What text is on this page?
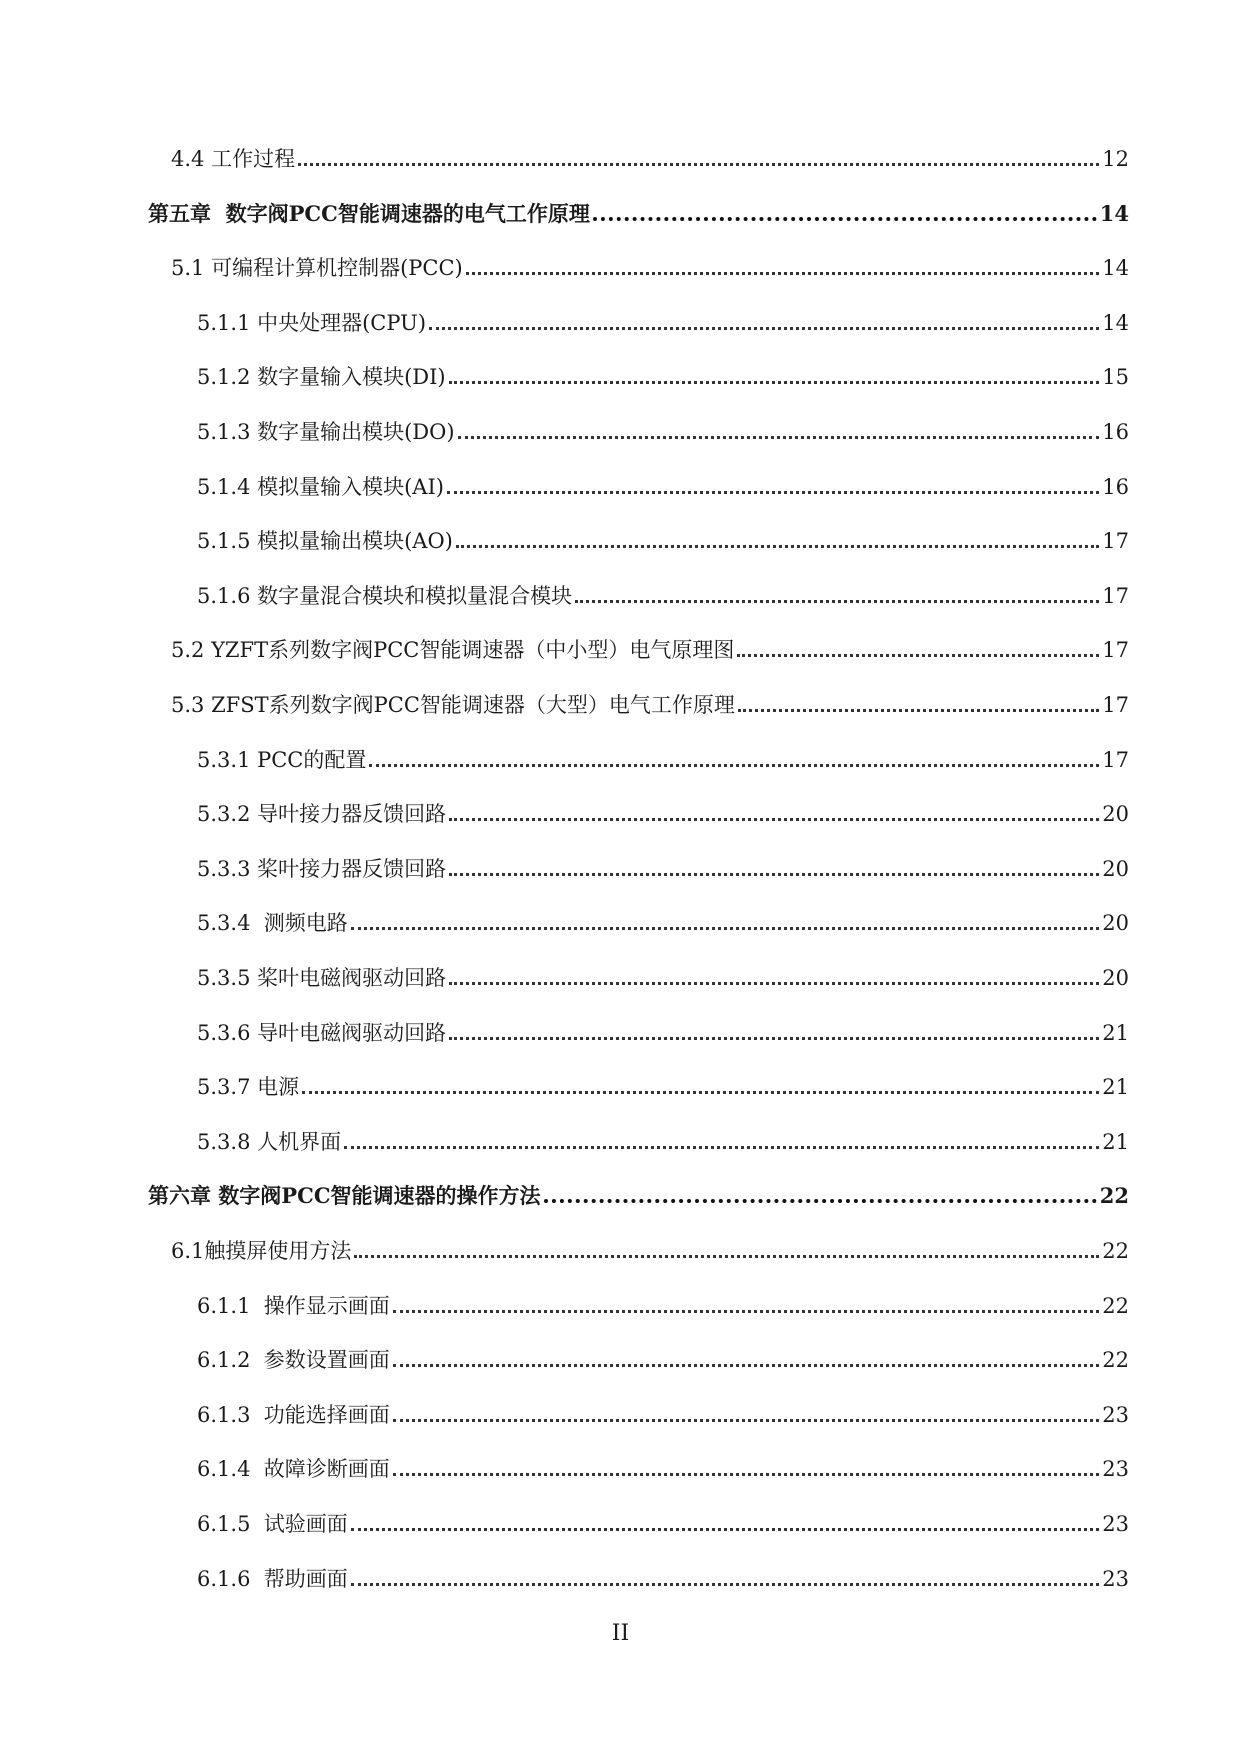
4.4 工作过程	12
第五章  数字阀PCC智能调速器的电气工作原理	14
5.1 可编程计算机控制器(PCC)	14
5.1.1 中央处理器(CPU)	14
5.1.2 数字量输入模块(DI)	15
5.1.3 数字量输出模块(DO)	16
5.1.4 模拟量输入模块(AI)	16
5.1.5 模拟量输出模块(AO)	17
5.1.6 数字量混合模块和模拟量混合模块	17
5.2 YZFT系列数字阀PCC智能调速器（中小型）电气原理图	17
5.3 ZFST系列数字阀PCC智能调速器（大型）电气工作原理	17
5.3.1 PCC的配置	17
5.3.2 导叶接力器反馈回路	20
5.3.3 桨叶接力器反馈回路	20
5.3.4  测频电路	20
5.3.5 桨叶电磁阀驱动回路	20
5.3.6 导叶电磁阀驱动回路	21
5.3.7 电源	21
5.3.8 人机界面	21
第六章 数字阀PCC智能调速器的操作方法	22
6.1触摸屏使用方法	22
6.1.1  操作显示画面	22
6.1.2  参数设置画面	22
6.1.3  功能选择画面	23
6.1.4  故障诊断画面	23
6.1.5  试验画面	23
6.1.6  帮助画面	23
II
